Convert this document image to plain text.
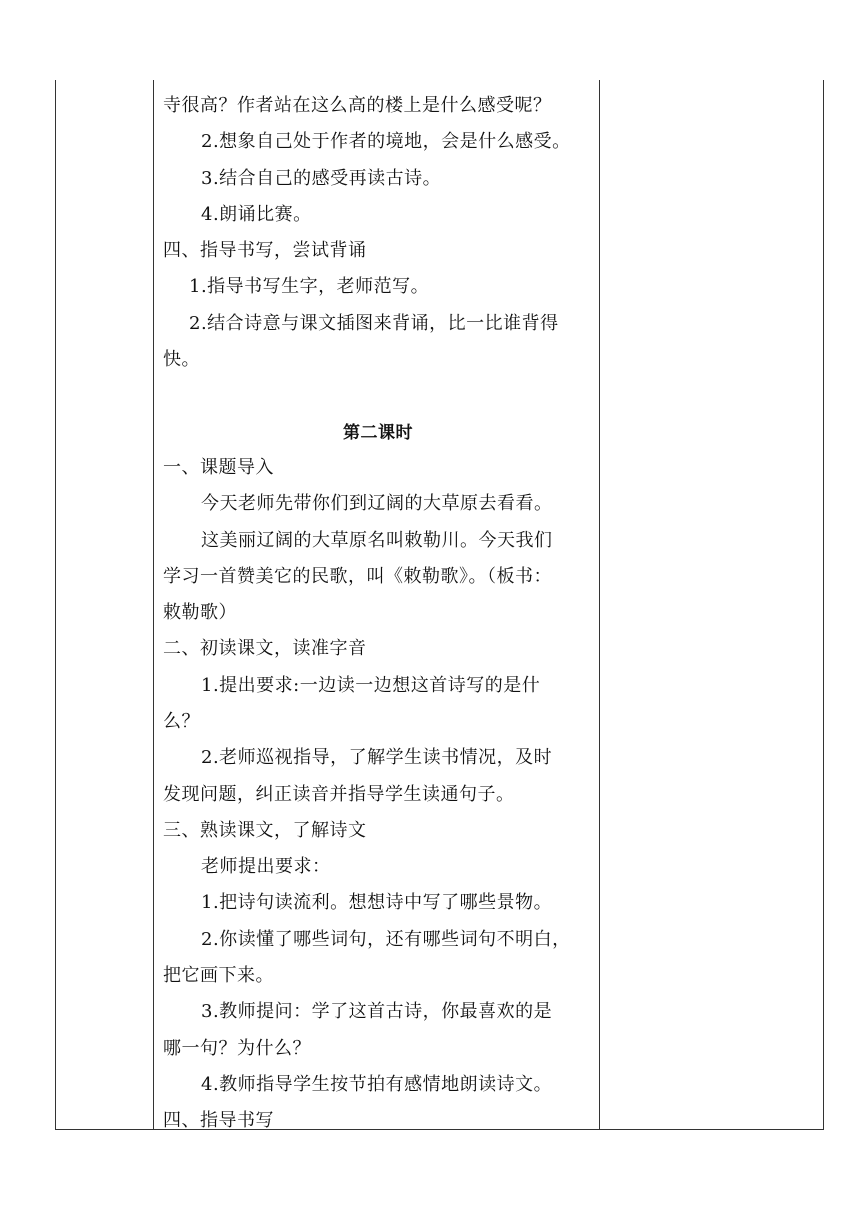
寺很高？作者站在这么高的楼上是什么感受呢？
2.想象自己处于作者的境地，会是什么感受。
3.结合自己的感受再读古诗。
4.朗诵比赛。
四、指导书写，尝试背诵
1.指导书写生字，老师范写。
2.结合诗意与课文插图来背诵，比一比谁背得
快。
第二课时
一、课题导入
今天老师先带你们到辽阔的大草原去看看。
这美丽辽阔的大草原名叫敕勒川。今天我们
学习一首赞美它的民歌，叫《敕勒歌》。（板书：
敕勒歌）
二、初读课文，读准字音
1.提出要求:一边读一边想这首诗写的是什
么？
2.老师巡视指导，了解学生读书情况，及时
发现问题，纠正读音并指导学生读通句子。
三、熟读课文，了解诗文
老师提出要求：
1.把诗句读流利。想想诗中写了哪些景物。
2.你读懂了哪些词句，还有哪些词句不明白，
把它画下来。
3.教师提问：学了这首古诗，你最喜欢的是
哪一句？为什么？
4.教师指导学生按节拍有感情地朗读诗文。
四、指导书写
